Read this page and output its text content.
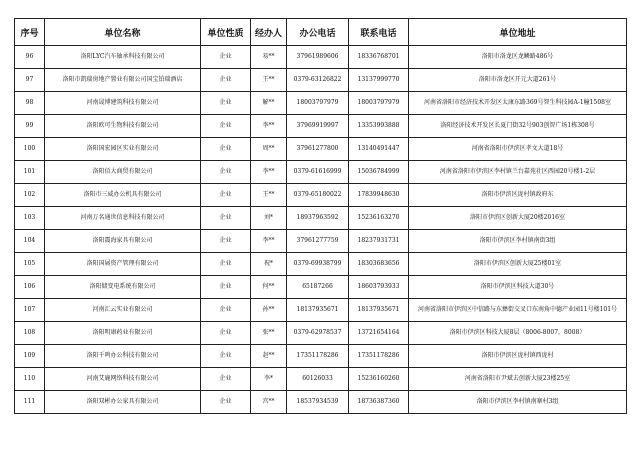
序号	单位名称	单位性质	经办人	办公电话	联系电话	单位地址
96	洛阳LYC汽车轴承科技有限公司	企业	易**	37961989606	18336768701	洛阳市洛龙区龙鳞路486号
97	洛阳市凯瑞房地产置业有限公司国宝铂瑞酒店	企业	王**	0379-63126822	13137999770	洛阳市洛龙区开元大道261号
98	河南晟博建筑科技有限公司	企业	解**	18003797979	18003797979	河南省洛阳市经济技术开发区太康东路369号智生科技园A-1幢1508室
99	洛阳欧可生物科技有限公司	企业	李**	37969919997	13353993888	洛阳经济技术开发区长夏门街32号903创智广场1栋308号
100	洛阳国宏园区实业有限公司	企业	周**	37961277800	13140491447	河南省洛阳市伊滨区孝文大道18号
101	洛阳佰大商贸有限公司	企业	李**	0379-61616999	15036784999	河南省洛阳市伊滨区李村镇兰台嘉苑社区西园20号楼1-2层
102	洛阳市三威办公机具有限公司	企业	王**	0379-65180022	17839948630	洛阳市伊滨区庞村镇政府东
103	河南万名通世信息科技有限公司	企业	刘*	18937963592	15236163270	洛阳市伊滨区创新大厦20楼2016室
104	洛阳震海家具有限公司	企业	李**	37961277759	18237931731	洛阳市伊滨区李村镇南街3组
105	洛阳国展资产管理有限公司	企业	祝*	0379-69938799	18303683656	洛阳市伊滨区创新大厦25楼01室
106	洛阳储变电系统有限公司	企业	何**	65187266	18603793933	洛阳市伊滨区科技大道30号
107	河南汇云实业有限公司	企业	孙**	18137935671	18137935671	河南省洛阳市伊滨区中信路与东彝街交叉口东南角中德产业园11号楼101号
108	洛阳明康药业有限公司	企业	张**	0379-62978537	13721654164	洛阳市伊滨区科技大厦8层（8006-8007，8008）
109	洛阳千鸣办公科技有限公司	企业	赵**	17351178286	17351178286	洛阳市伊滨区庞村镇西庞村
110	河南艾鹿网络科技有限公司	企业	李*	60126033	15236160260	河南省洛阳市尹斌去创新大厦23楼25室
111	洛阳双彬办公家具有限公司	企业	宫**	18537934539	18736387360	洛阳市伊滨区李村镇南寨村3组
